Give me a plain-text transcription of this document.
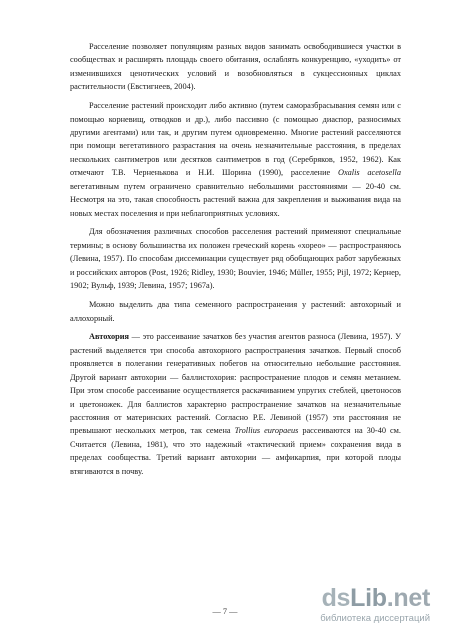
Расселение позволяет популяциям разных видов занимать освободившиеся участки в сообществах и расширять площадь своего обитания, ослаблять конкуренцию, «уходить» от изменившихся ценотических условий и возобновляться в сукцессионных циклах растительности (Евстигнеев, 2004).

Расселение растений происходит либо активно (путем саморазбрасывания семян или с помощью корневищ, отводков и др.), либо пассивно (с помощью диаспор, разносимых другими агентами) или так, и другим путем одновременно. Многие растений расселяются при помощи вегетативного разрастания на очень незначительные расстояния, в пределах нескольких сантиметров или десятков сантиметров в год (Серебряков, 1952, 1962). Как отмечают Т.В. Черненькова и Н.И. Шорина (1990), расселение Oxalis acetosella вегетативным путем ограничено сравнительно небольшими расстояниями — 20-40 см. Несмотря на это, такая способность растений важна для закрепления и выживания вида на новых местах поселения и при неблагоприятных условиях.

Для обозначения различных способов расселения растений применяют специальные термины; в основу большинства их положен греческий корень «хорео» — распространяюсь (Левина, 1957). По способам диссеминации существует ряд обобщающих работ зарубежных и российских авторов (Post, 1926; Ridley, 1930; Bouvier, 1946; Müller, 1955; Pijl, 1972; Кернер, 1902; Вульф, 1939; Левина, 1957; 1967a).

Можно выделить два типа семенного распространения у растений: автохорный и аллохорный.

Автохория — это рассеивание зачатков без участия агентов разноса (Левина, 1957). У растений выделяется три способа автохорного распространения зачатков. Первый способ проявляется в полегании генеративных побегов на относительно небольшие расстояния. Другой вариант автохории — баллистохория: распространение плодов и семян метанием. При этом способе рассеивание осуществляется раскачиванием упругих стеблей, цветоносов и цветоножек. Для баллистов характерно распространение зачатков на незначительные расстояния от материнских растений. Согласно Р.Е. Левиной (1957) эти расстояния не превышают нескольких метров, так семена Trollius europaeus рассеиваются на 30-40 см. Считается (Левина, 1981), что это надежный «тактический прием» сохранения вида в пределах сообщества. Третий вариант автохории — амфикарпия, при которой плоды втягиваются в почву.

— 7 —	dsLib.net
библиотека диссертаций
